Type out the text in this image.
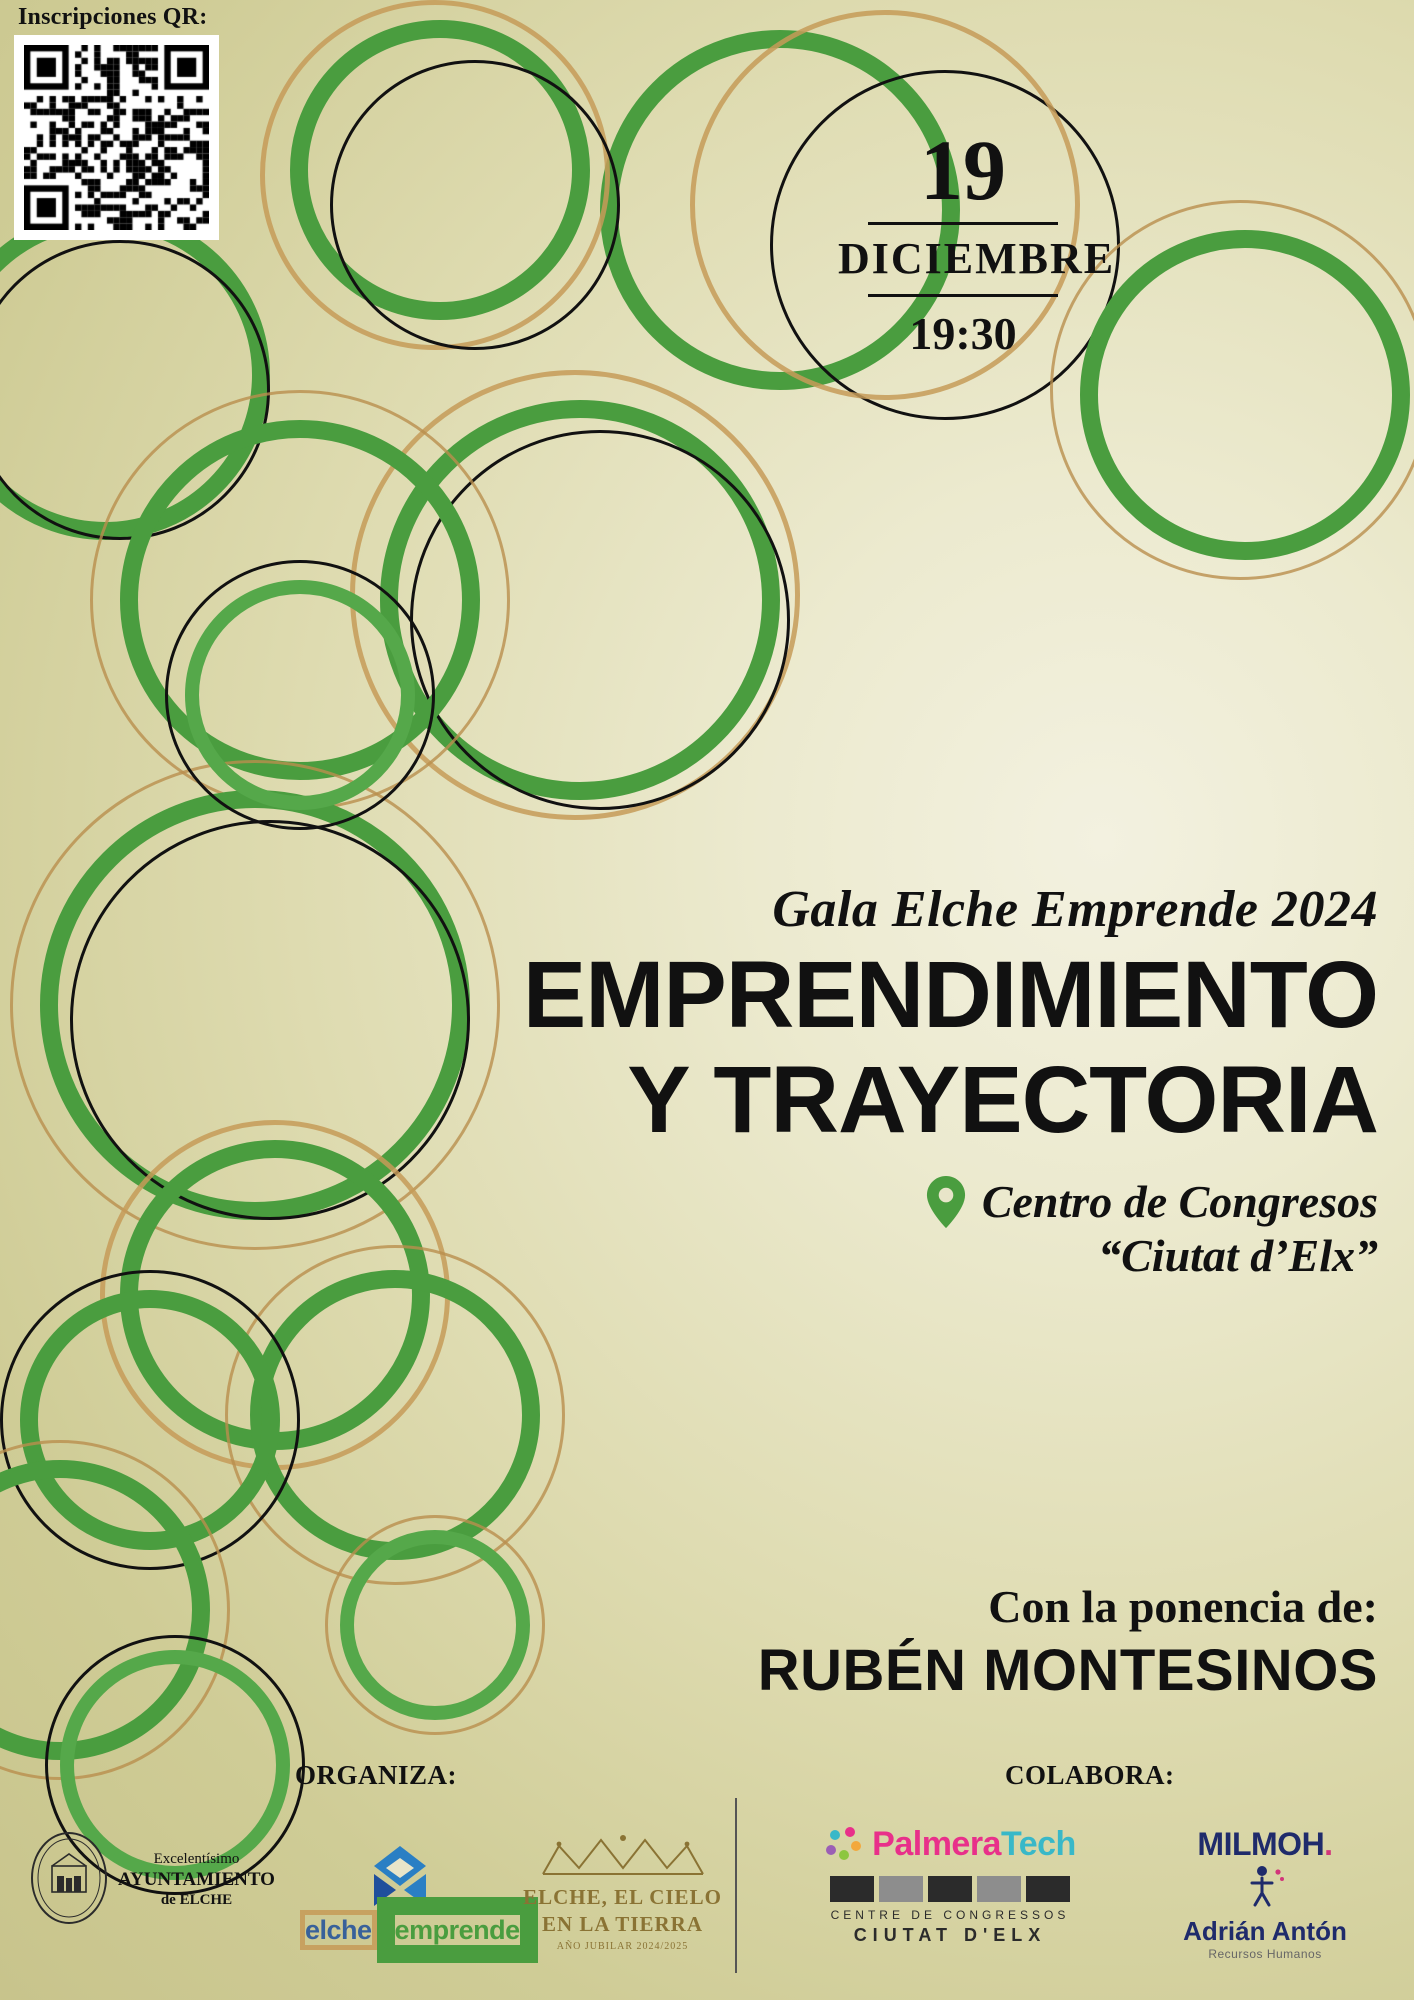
Inscripciones QR:
19
DICIEMBRE
19:30
Gala Elche Emprende 2024
EMPRENDIMIENTO
Y TRAYECTORIA
Centro de Congresos
“Ciutat d’Elx”
Con la ponencia de:
RUBÉN MONTESINOS
ORGANIZA:	COLABORA:
Excelentísimo
AYUNTAMIENTO

de ELCHE
elche emprende
ELCHE, EL CIELO
EN LA TIERRA
AÑO JUBILAR 2024/2025
PalmeraTech
CENTRE DE CONGRESSOS
CIUTAT D'ELX
MILMOH.
Adrián Antón
Recursos Humanos
